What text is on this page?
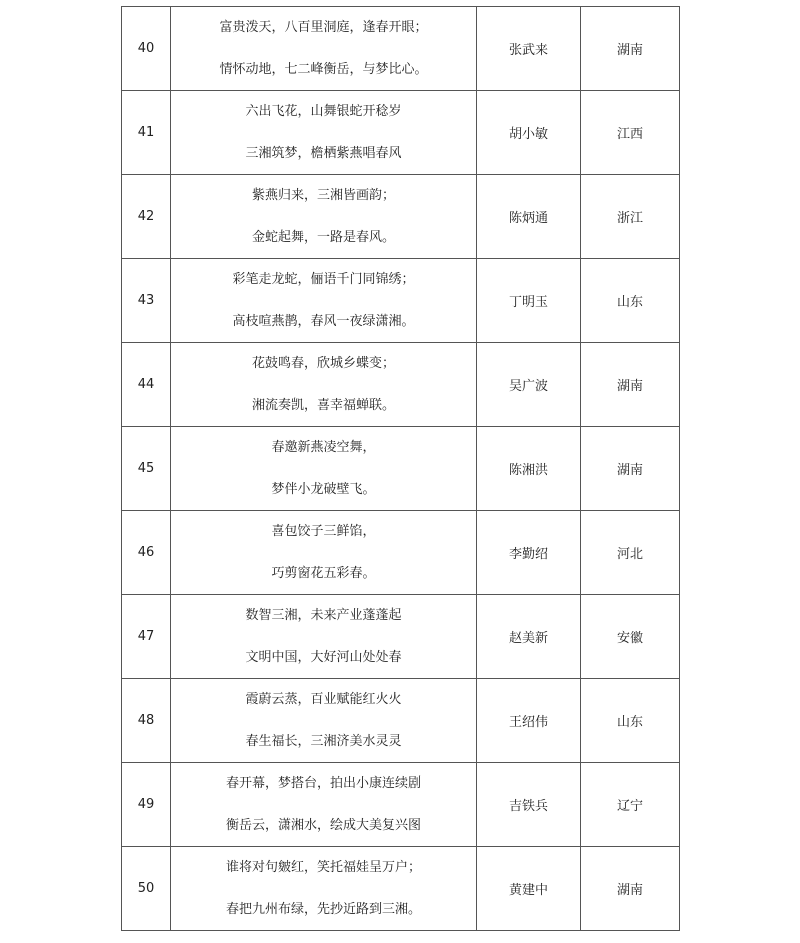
40
富贵泼天，八百里洞庭，逢春开眼；
情怀动地，七二峰衡岳，与梦比心。
张武来	湖南
41
六出飞花，山舞银蛇开稔岁
三湘筑梦，檐栖紫燕唱春风
胡小敏	江西
42
紫燕归来，三湘皆画韵；
金蛇起舞，一路是春风。
陈炳通	浙江
43
彩笔走龙蛇，俪语千门同锦绣；
高枝喧燕鹊，春风一夜绿潇湘。
丁明玉	山东
44
花鼓鸣春，欣城乡蝶变；
湘流奏凯，喜幸福蝉联。
吴广波	湖南
45
春邀新燕凌空舞，
梦伴小龙破壁飞。
陈湘洪	湖南
46
喜包饺子三鲜馅，
巧剪窗花五彩春。
李勤绍	河北
47
数智三湘，未来产业蓬蓬起
文明中国，大好河山处处春
赵美新	安徽
48
霞蔚云蒸，百业赋能红火火
春生福长，三湘济美水灵灵
王绍伟	山东
49
春开幕，梦搭台，拍出小康连续剧
衡岳云，潇湘水，绘成大美复兴图
吉铁兵	辽宁
50
谁将对句皴红，笑托福娃呈万户；
春把九州布绿，先抄近路到三湘。
黄建中	湖南
